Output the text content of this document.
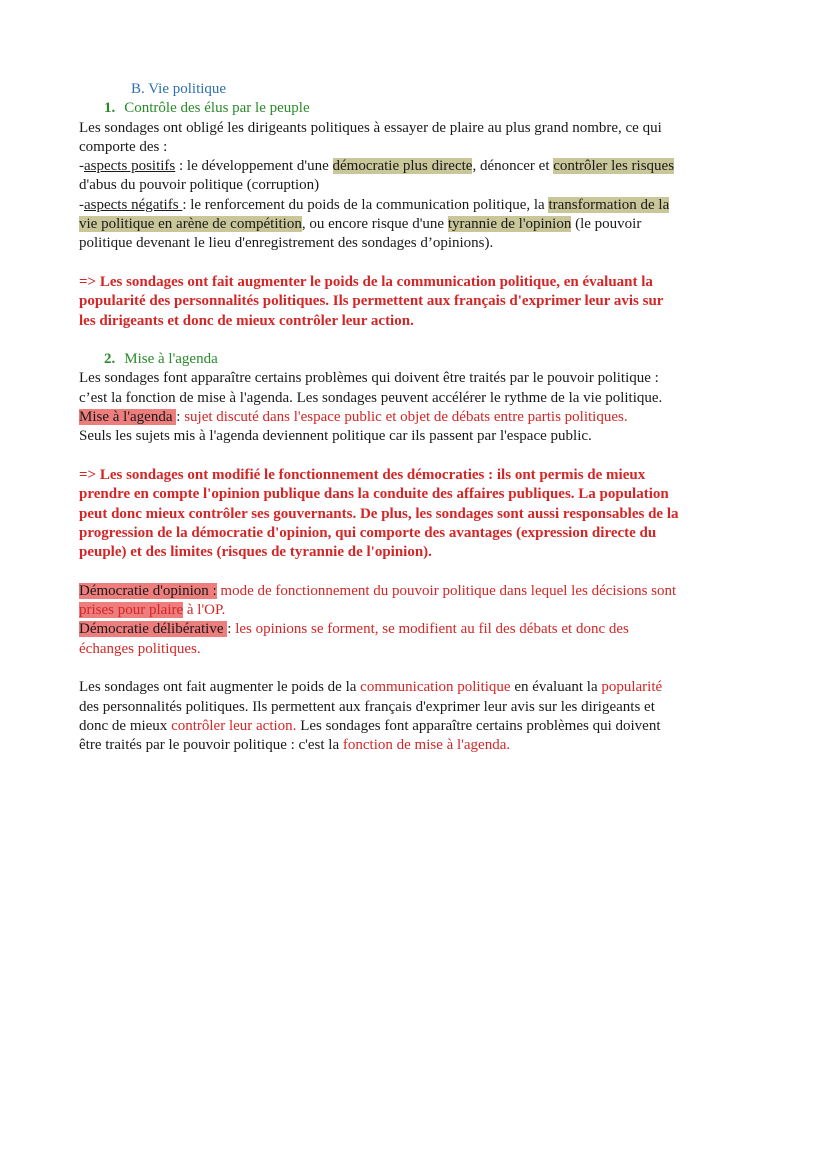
B. Vie politique
1. Contrôle des élus par le peuple
Les sondages ont obligé les dirigeants politiques à essayer de plaire au plus grand nombre, ce qui
comporte des :
-aspects positifs : le développement d'une démocratie plus directe, dénoncer et contrôler les risques
d'abus du pouvoir politique (corruption)
-aspects négatifs : le renforcement du poids de la communication politique, la transformation de la
vie politique en arène de compétition, ou encore risque d'une tyrannie de l'opinion (le pouvoir
politique devenant le lieu d'enregistrement des sondages d’opinions).
=> Les sondages ont fait augmenter le poids de la communication politique, en évaluant la
popularité des personnalités politiques. Ils permettent aux français d'exprimer leur avis sur
les dirigeants et donc de mieux contrôler leur action.
2. Mise à l'agenda
Les sondages font apparaître certains problèmes qui doivent être traités par le pouvoir politique :
c’est la fonction de mise à l'agenda. Les sondages peuvent accélérer le rythme de la vie politique.
Mise à l'agenda : sujet discuté dans l'espace public et objet de débats entre partis politiques.
Seuls les sujets mis à l'agenda deviennent politique car ils passent par l'espace public.
=> Les sondages ont modifié le fonctionnement des démocraties : ils ont permis de mieux
prendre en compte l'opinion publique dans la conduite des affaires publiques. La population
peut donc mieux contrôler ses gouvernants. De plus, les sondages sont aussi responsables de la
progression de la démocratie d'opinion, qui comporte des avantages (expression directe du
peuple) et des limites (risques de tyrannie de l'opinion).
Démocratie d'opinion : mode de fonctionnement du pouvoir politique dans lequel les décisions sont
prises pour plaire à l'OP.
Démocratie délibérative : les opinions se forment, se modifient au fil des débats et donc des
échanges politiques.
Les sondages ont fait augmenter le poids de la communication politique en évaluant la popularité
des personnalités politiques. Ils permettent aux français d'exprimer leur avis sur les dirigeants et
donc de mieux contrôler leur action. Les sondages font apparaître certains problèmes qui doivent
être traités par le pouvoir politique : c'est la fonction de mise à l'agenda.
